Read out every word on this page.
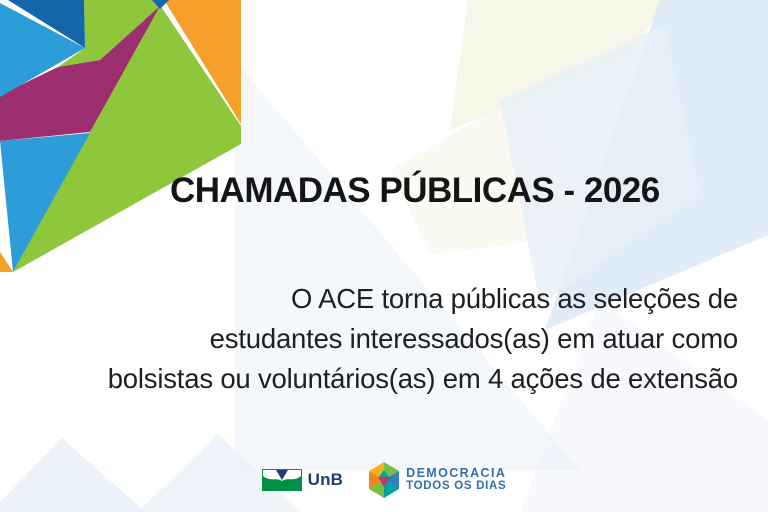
CHAMADAS PÚBLICAS - 2026
O ACE torna públicas as seleções de
estudantes interessados(as) em atuar como
bolsistas ou voluntários(as) em 4 ações de extensão
UnB	DEMOCRACIA
TODOS OS DIAS
